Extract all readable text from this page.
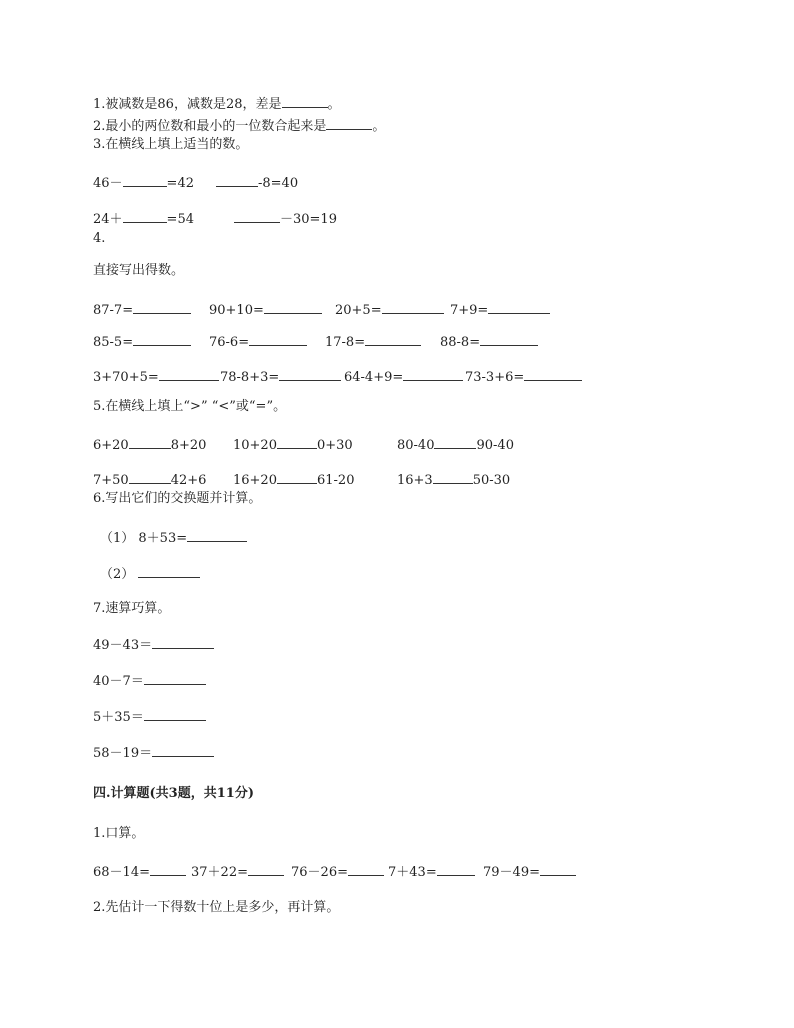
1.被减数是86，减数是28，差是	。
2.最小的两位数和最小的一位数合起来是	。
3.在横线上填上适当的数。
46－	=42	-8=40
24＋	=54	－30=19
4.
直接写出得数。
87-7=	90+10=	20+5=	7+9=
85-5=	76-6=	17-8=	88-8=
3+70+5=	78-8+3=	64-4+9=	73-3+6=
5.在横线上填上“>” “<”或“=”。
6+20	8+20 10+20	0+30	80-40	90-40
7+50	42+6 16+20	61-20	16+3	50-30
6.写出它们的交换题并计算。
（1） 8＋53=
（2）
7.速算巧算。
49－43＝
40－7＝
5＋35＝
58－19＝
四.计算题(共3题，共11分)
1.口算。
68－14=	37＋22=	76－26=	7＋43=	79－49=
2.先估计一下得数十位上是多少，再计算。
